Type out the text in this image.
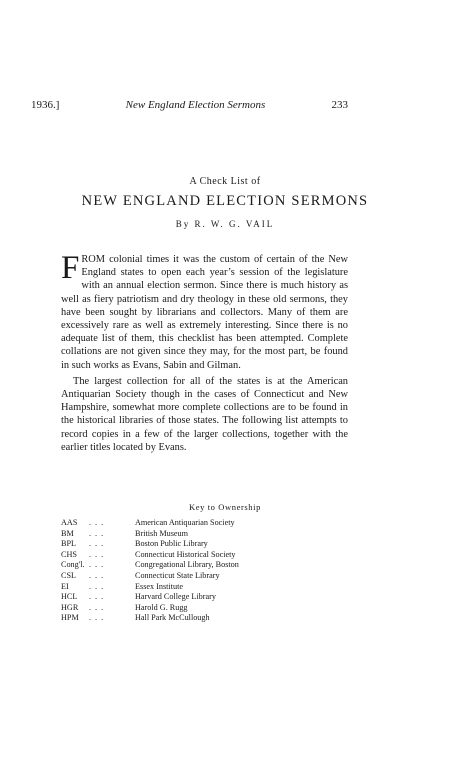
1936.]	New England Election Sermons	233
A Check List of
NEW ENGLAND ELECTION SERMONS
By R. W. G. VAIL

FROM colonial times it was the custom of certain of the New England states to open each year’s session of the legislature with an annual election sermon. Since there is much history as well as fiery patriotism and dry theology in these old sermons, they have been sought by librarians and collectors. Many of them are excessively rare as well as extremely interesting. Since there is no adequate list of them, this checklist has been attempted. Complete collations are not given since they may, for the most part, be found in such works as Evans, Sabin and Gilman.

The largest collection for all of the states is at the American Antiquarian Society though in the cases of Connecticut and New Hampshire, somewhat more complete collections are to be found in the historical libraries of those states. The following list attempts to record copies in a few of the larger collections, together with the earlier titles located by Evans.

Key to Ownership
AAS	...	American Antiquarian Society
BM	...	British Museum
BPL	...	Boston Public Library
CHS	...	Connecticut Historical Society
Cong'l. ...	Congregational Library, Boston
CSL	...	Connecticut State Library
EI	...	Essex Institute
HCL	...	Harvard College Library
HGR	...	Harold G. Rugg
HPM	...	Hall Park McCullough
